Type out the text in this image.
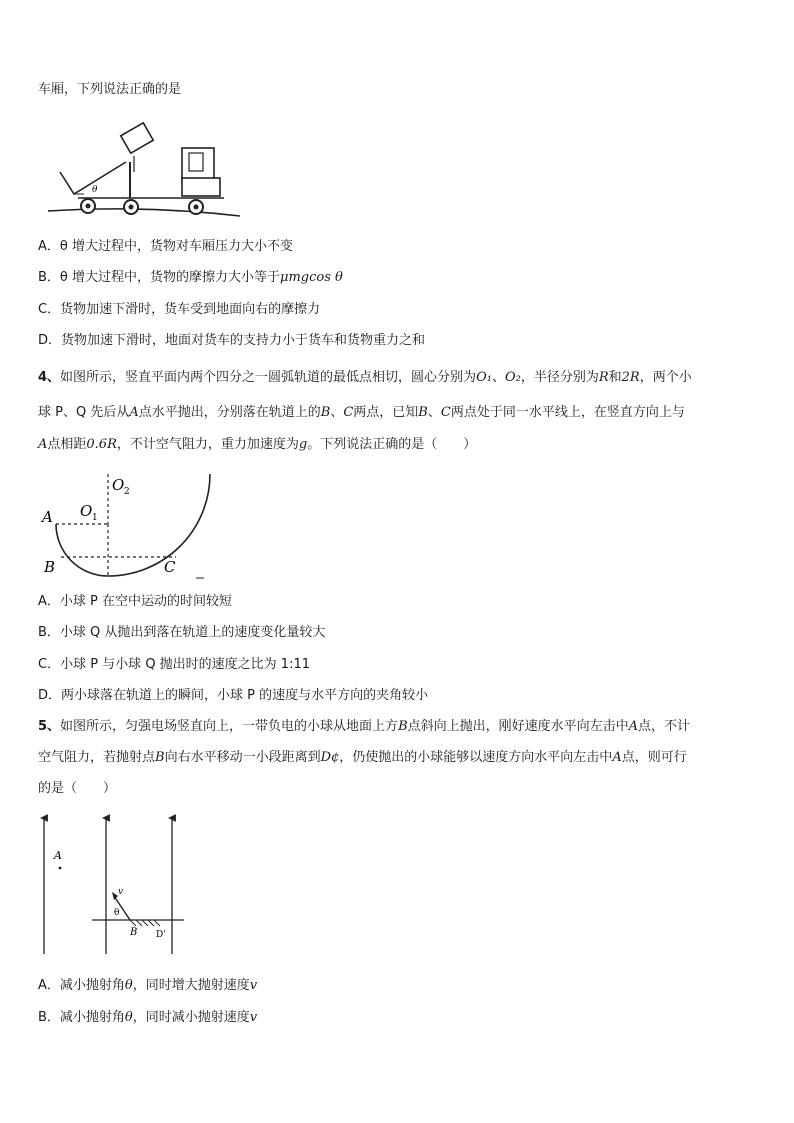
车厢，下列说法正确的是
θ
A．θ 增大过程中，货物对车厢压力大小不变
B．θ 增大过程中，货物的摩擦力大小等于μmgcos θ
C．货物加速下滑时，货车受到地面向右的摩擦力
D．货物加速下滑时，地面对货车的支持力小于货车和货物重力之和
4、如图所示，竖直平面内两个四分之一圆弧轨道的最低点相切，圆心分别为O₁、O₂，半径分别为R和2R，两个小
球 P、Q 先后从A点水平抛出，分别落在轨道上的B、C两点，已知B、C两点处于同一水平线上，在竖直方向上与
A点相距0.6R，不计空气阻力，重力加速度为g。下列说法正确的是（　　）
A
B	C
O 1
O 2
A．小球 P 在空中运动的时间较短
B．小球 Q 从抛出到落在轨道上的速度变化量较大
C．小球 P 与小球 Q 抛出时的速度之比为 1:11
D．两小球落在轨道上的瞬间，小球 P 的速度与水平方向的夹角较小
5、如图所示，匀强电场竖直向上，一带负电的小球从地面上方B点斜向上抛出，刚好速度水平向左击中A点，不计
空气阻力，若抛射点B向右水平移动一小段距离到D¢，仍使抛出的小球能够以速度方向水平向左击中A点，则可行
的是（　　）
A
v
θ
B D'
A．减小抛射角θ，同时增大抛射速度v
B．减小抛射角θ，同时减小抛射速度v
